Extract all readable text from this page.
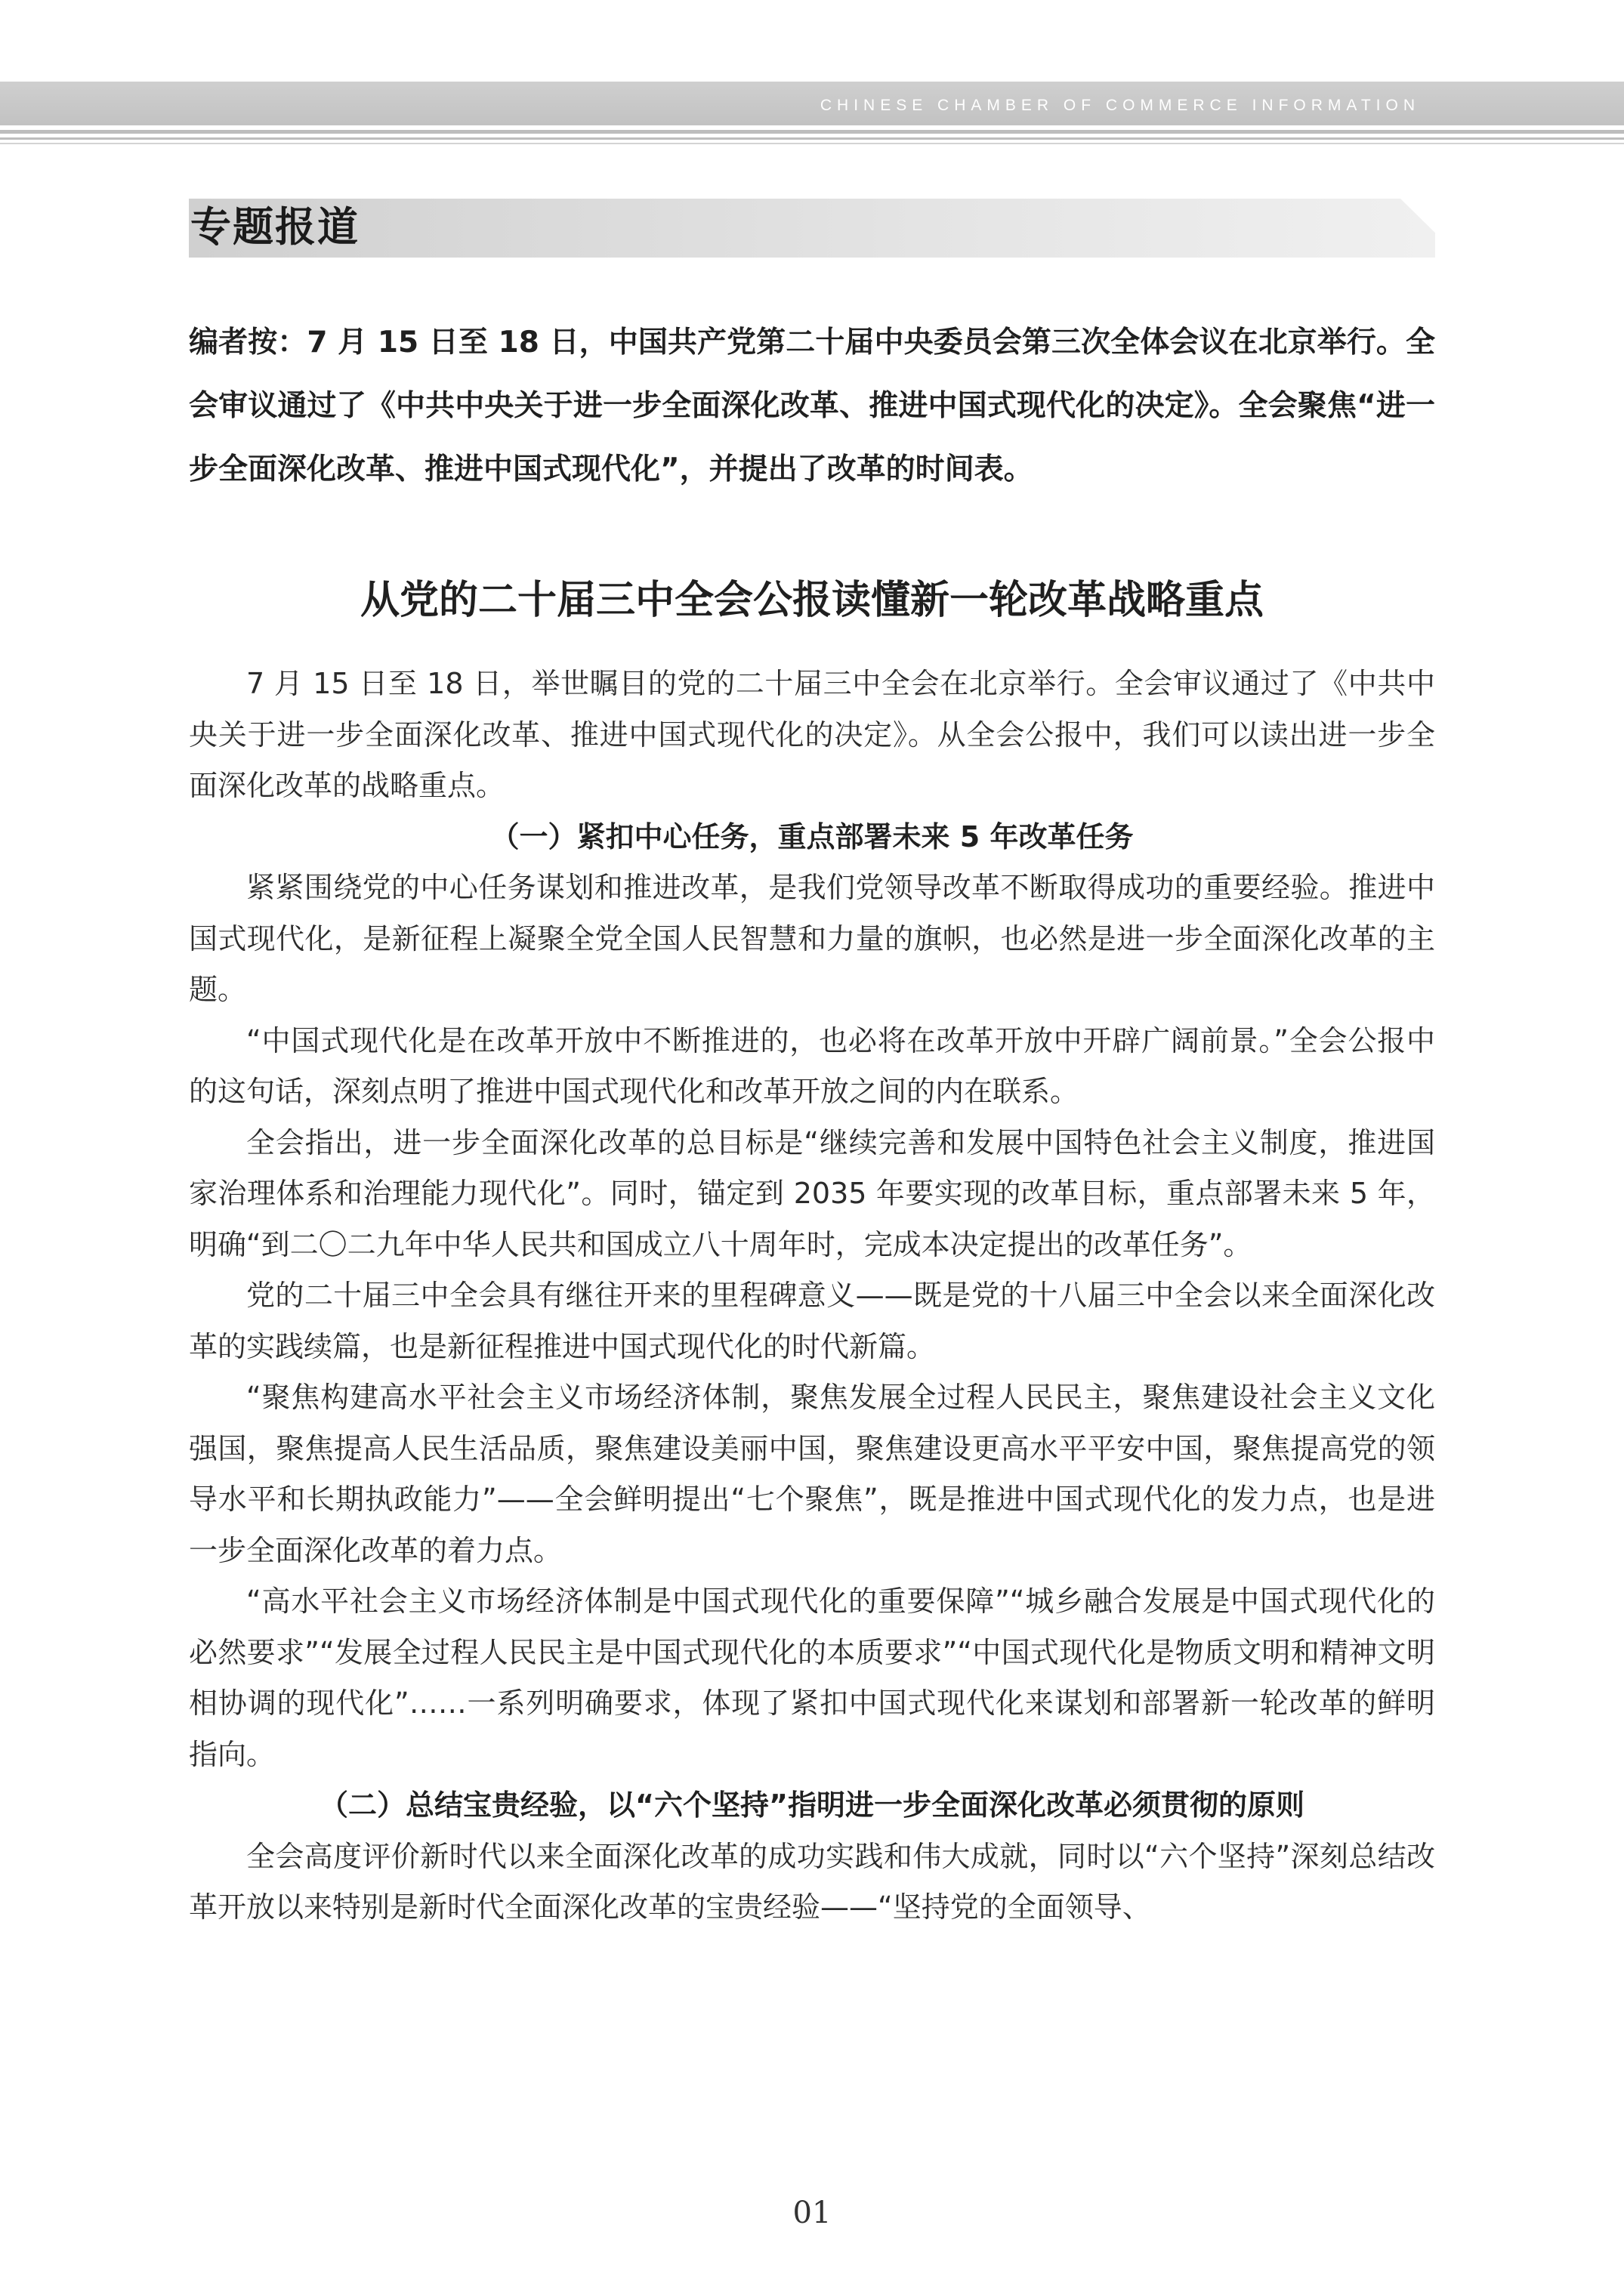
CHINESE CHAMBER OF COMMERCE INFORMATION
专题报道

编者按：7 月 15 日至 18 日，中国共产党第二十届中央委员会第三次全体会议在北京举行。全会审议通过了《中共中央关于进一步全面深化改革、推进中国式现代化的决定》。全会聚焦“进一步全面深化改革、推进中国式现代化”，并提出了改革的时间表。

从党的二十届三中全会公报读懂新一轮改革战略重点

7 月 15 日至 18 日，举世瞩目的党的二十届三中全会在北京举行。全会审议通过了《中共中央关于进一步全面深化改革、推进中国式现代化的决定》。从全会公报中，我们可以读出进一步全面深化改革的战略重点。

（一）紧扣中心任务，重点部署未来 5 年改革任务

紧紧围绕党的中心任务谋划和推进改革，是我们党领导改革不断取得成功的重要经验。推进中国式现代化，是新征程上凝聚全党全国人民智慧和力量的旗帜，也必然是进一步全面深化改革的主题。

“中国式现代化是在改革开放中不断推进的，也必将在改革开放中开辟广阔前景。”全会公报中的这句话，深刻点明了推进中国式现代化和改革开放之间的内在联系。

全会指出，进一步全面深化改革的总目标是“继续完善和发展中国特色社会主义制度，推进国家治理体系和治理能力现代化”。同时，锚定到 2035 年要实现的改革目标，重点部署未来 5 年，明确“到二〇二九年中华人民共和国成立八十周年时，完成本决定提出的改革任务”。

党的二十届三中全会具有继往开来的里程碑意义——既是党的十八届三中全会以来全面深化改革的实践续篇，也是新征程推进中国式现代化的时代新篇。

“聚焦构建高水平社会主义市场经济体制，聚焦发展全过程人民民主，聚焦建设社会主义文化强国，聚焦提高人民生活品质，聚焦建设美丽中国，聚焦建设更高水平平安中国，聚焦提高党的领导水平和长期执政能力”——全会鲜明提出“七个聚焦”，既是推进中国式现代化的发力点，也是进一步全面深化改革的着力点。

“高水平社会主义市场经济体制是中国式现代化的重要保障”“城乡融合发展是中国式现代化的必然要求”“发展全过程人民民主是中国式现代化的本质要求”“中国式现代化是物质文明和精神文明相协调的现代化”……一系列明确要求，体现了紧扣中国式现代化来谋划和部署新一轮改革的鲜明指向。

（二）总结宝贵经验，以“六个坚持”指明进一步全面深化改革必须贯彻的原则

全会高度评价新时代以来全面深化改革的成功实践和伟大成就，同时以“六个坚持”深刻总结改革开放以来特别是新时代全面深化改革的宝贵经验——“坚持党的全面领导、

01
